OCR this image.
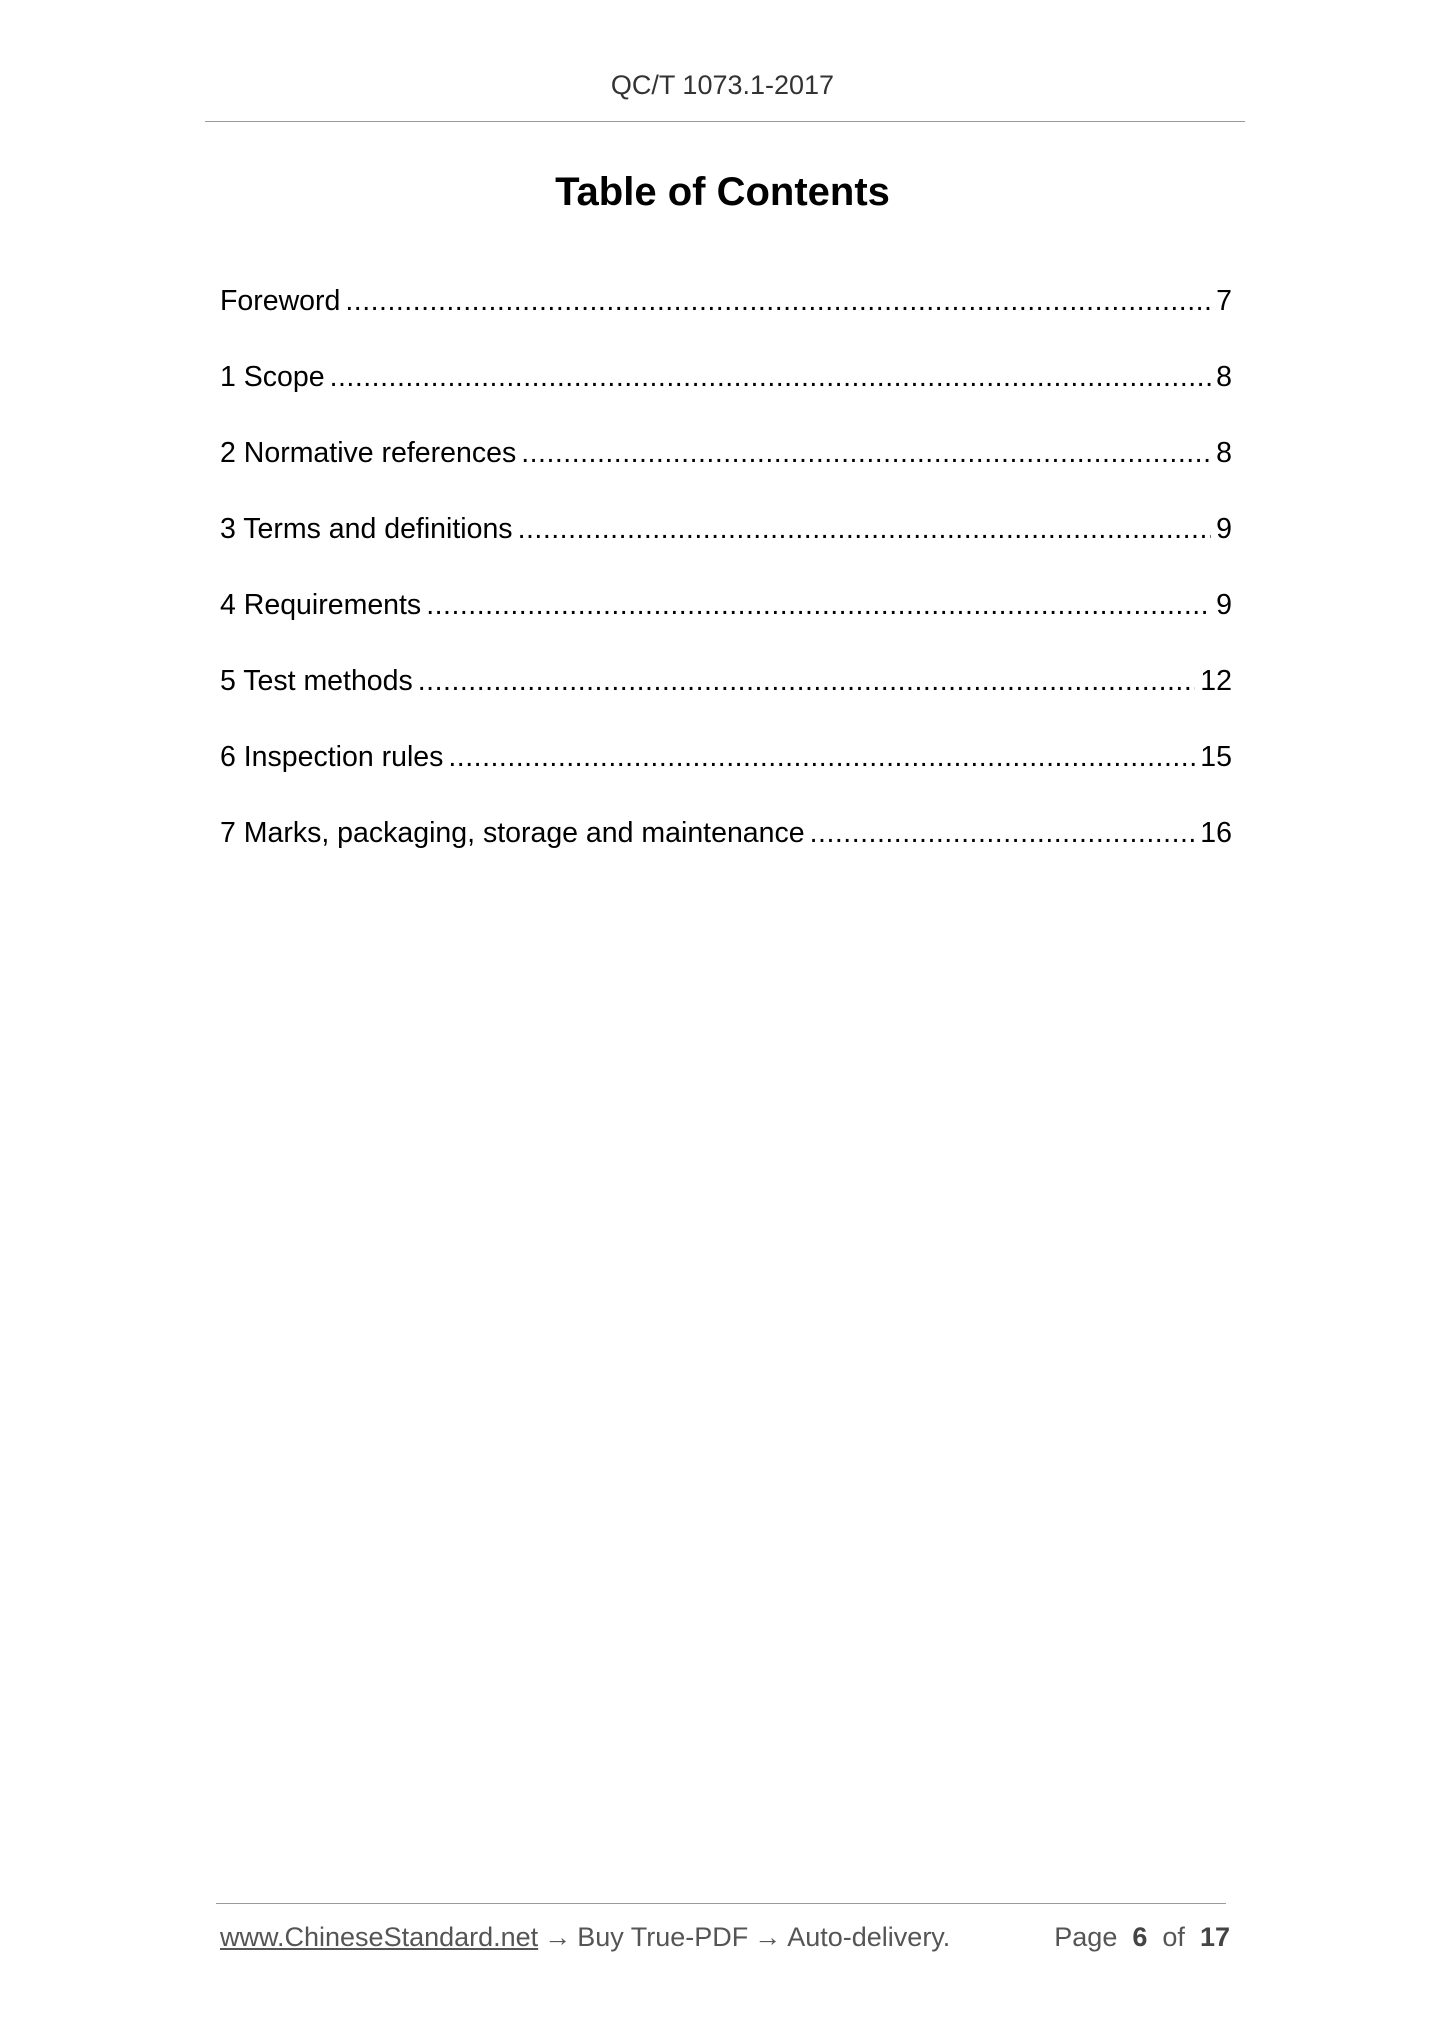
QC/T 1073.1-2017
Table of Contents
Foreword .....	7
1 Scope .....	8
2 Normative references .....	8
3 Terms and definitions .....	9
4 Requirements .....	9
5 Test methods .....	12
6 Inspection rules .....	15
7 Marks, packaging, storage and maintenance .....	16
www.ChineseStandard.net → Buy True-PDF → Auto-delivery.	Page 6 of 17
